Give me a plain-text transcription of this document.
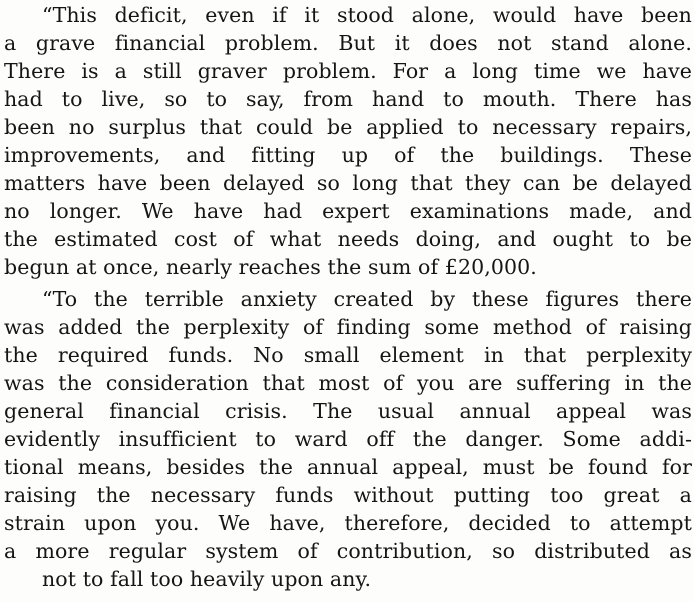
“This deficit, even if it stood alone, would have been
a grave financial problem. But it does not stand alone.
There is a still graver problem. For a long time we have
had to live, so to say, from hand to mouth. There has
been no surplus that could be applied to necessary repairs,
improvements, and fitting up of the buildings. These
matters have been delayed so long that they can be delayed
no longer. We have had expert examinations made, and
the estimated cost of what needs doing, and ought to be
begun at once, nearly reaches the sum of £20,000.
“To the terrible anxiety created by these figures there
was added the perplexity of finding some method of raising
the required funds. No small element in that perplexity
was the consideration that most of you are suffering in the
general financial crisis. The usual annual appeal was
evidently insufficient to ward off the danger. Some addi-
tional means, besides the annual appeal, must be found for
raising the necessary funds without putting too great a
strain upon you. We have, therefore, decided to attempt
a more regular system of contribution, so distributed as
not to fall too heavily upon any.
